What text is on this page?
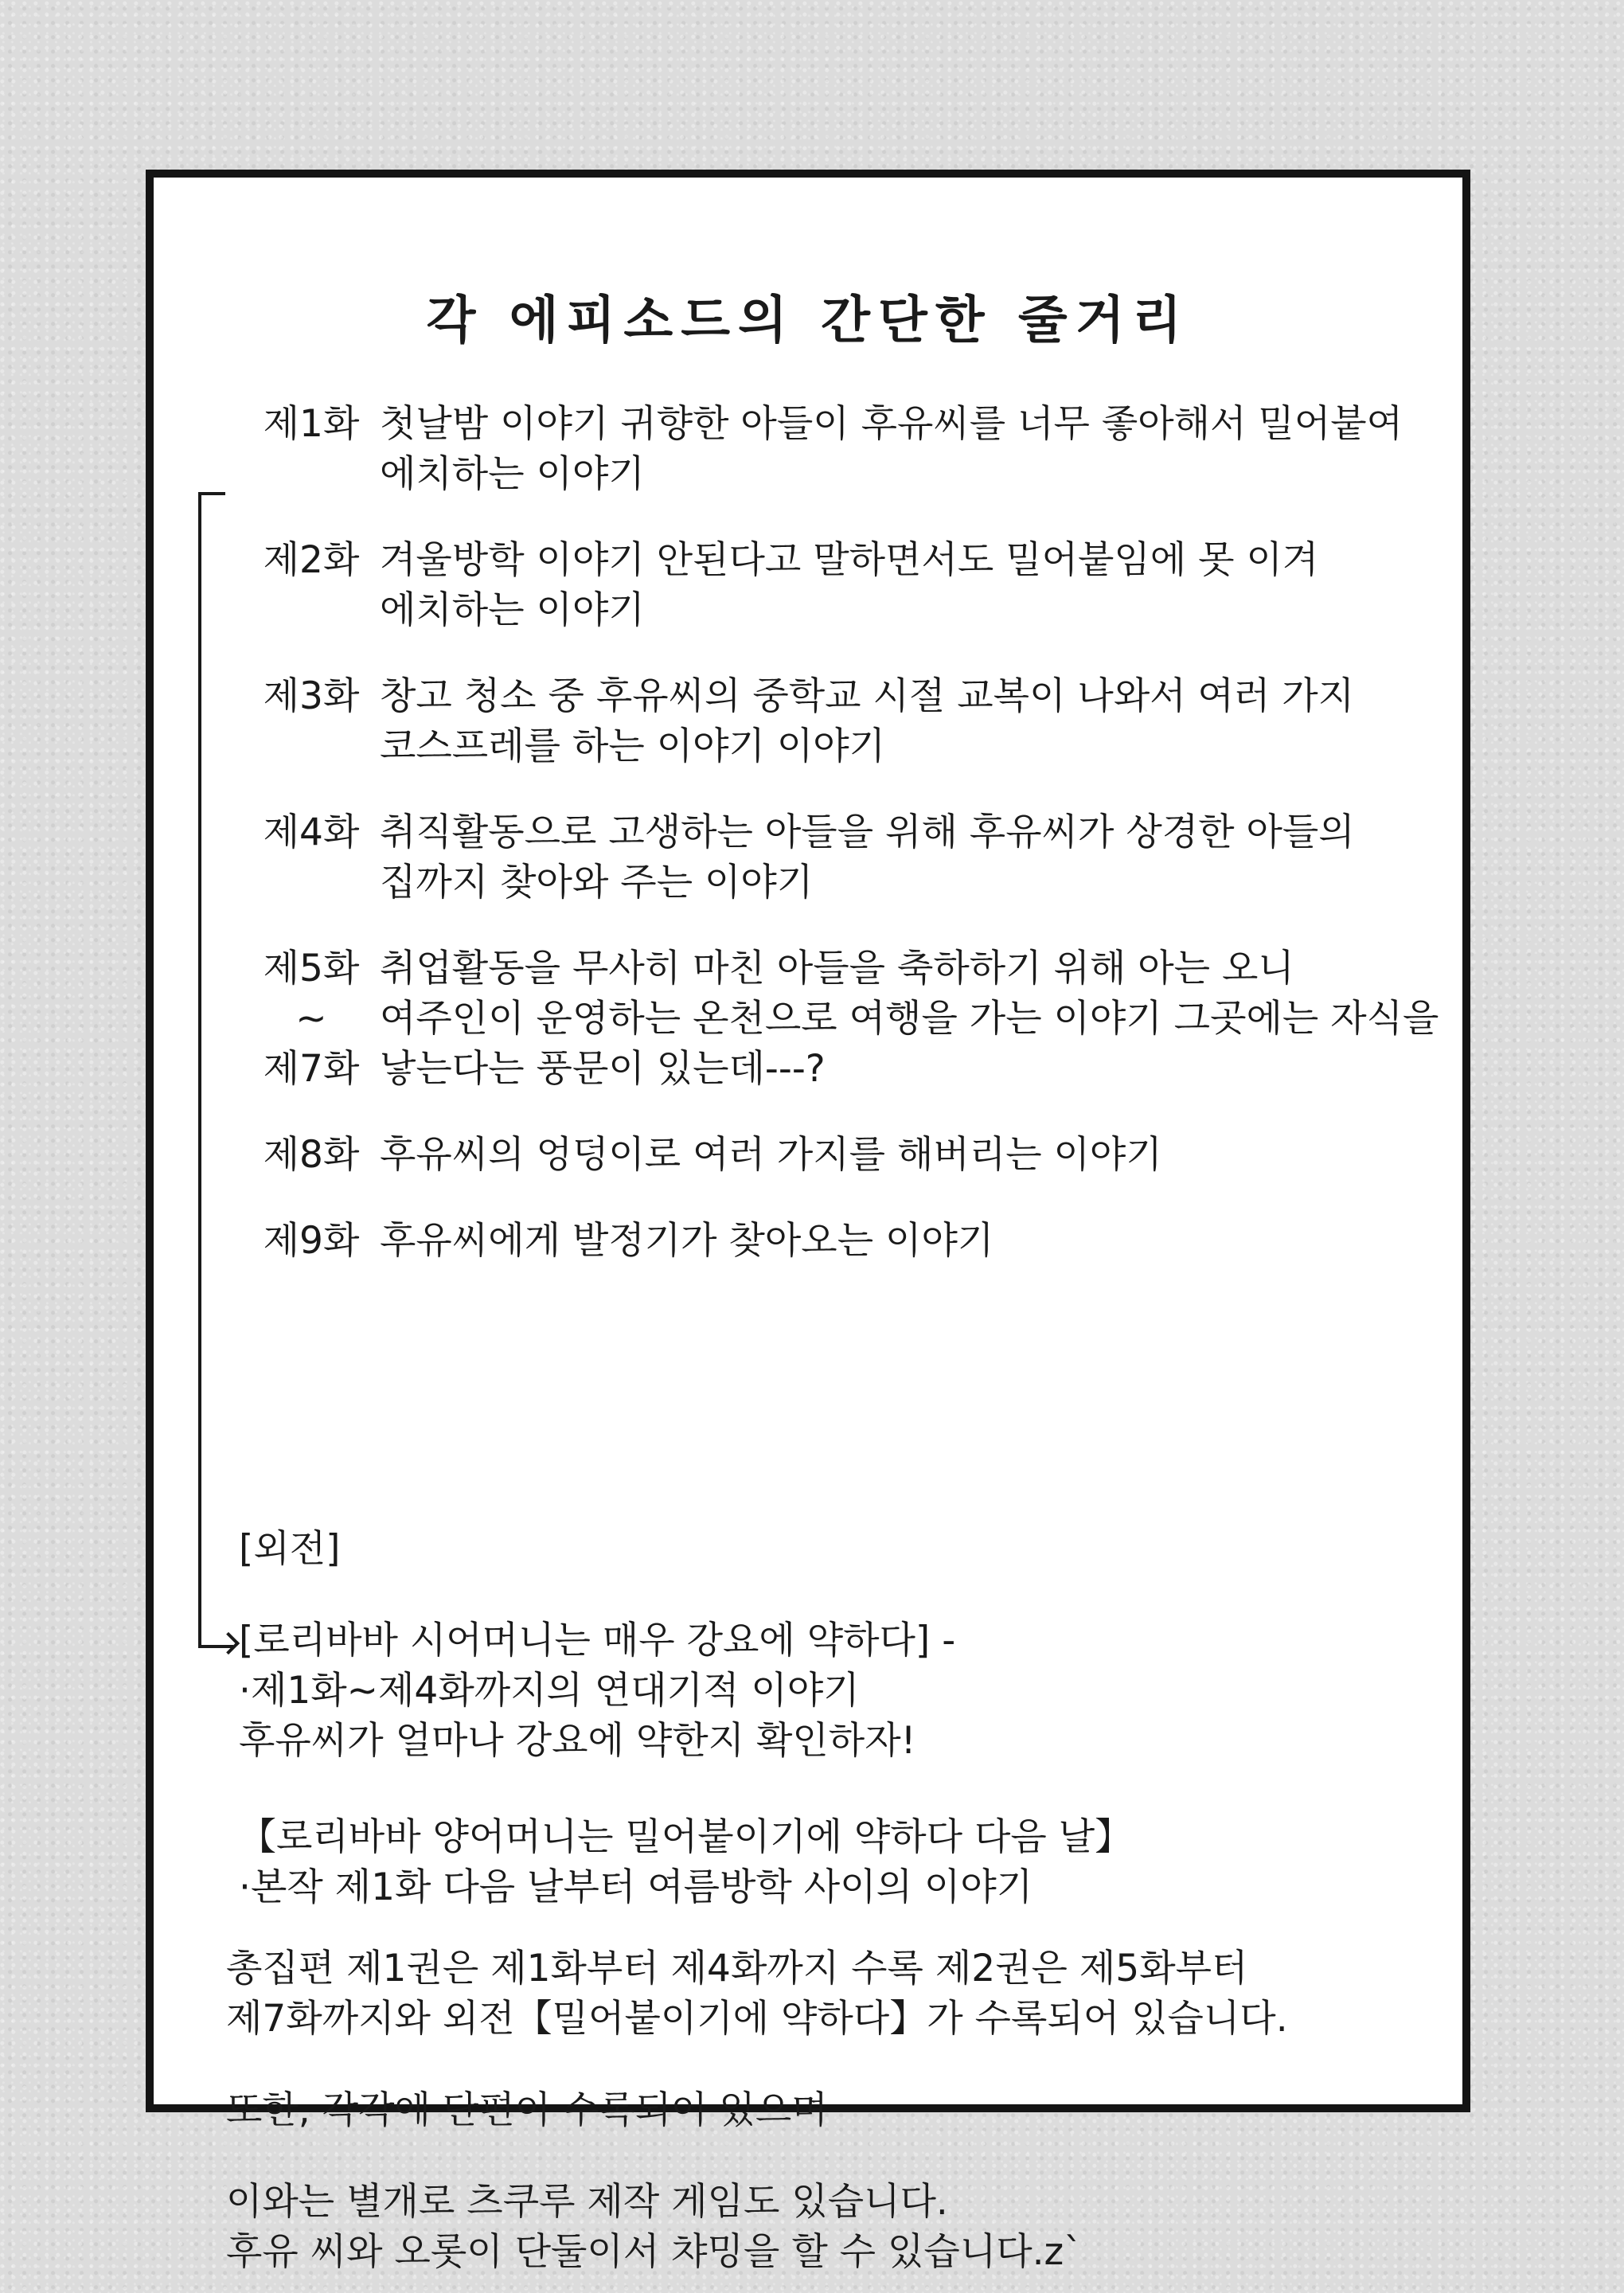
각 에피소드의 간단한 줄거리
제1화 첫날밤 이야기 귀향한 아들이 후유씨를 너무 좋아해서 밀어붙여
에치하는 이야기
제2화 겨울방학 이야기 안된다고 말하면서도 밀어붙임에 못 이겨
에치하는 이야기
제3화 창고 청소 중 후유씨의 중학교 시절 교복이 나와서 여러 가지
코스프레를 하는 이야기 이야기
제4화 취직활동으로 고생하는 아들을 위해 후유씨가 상경한 아들의
집까지 찾아와 주는 이야기
제5화
~
제7화
취업활동을 무사히 마친 아들을 축하하기 위해 아는 오니
여주인이 운영하는 온천으로 여행을 가는 이야기 그곳에는 자식을
낳는다는 풍문이 있는데---?
제8화 후유씨의 엉덩이로 여러 가지를 해버리는 이야기
제9화 후유씨에게 발정기가 찾아오는 이야기

[외전]

[로리바바 시어머니는 매우 강요에 약하다] -
·제1화~제4화까지의 연대기적 이야기
후유씨가 얼마나 강요에 약한지 확인하자!

【로리바바 양어머니는 밀어붙이기에 약하다 다음 날】
·본작 제1화 다음 날부터 여름방학 사이의 이야기

총집편 제1권은 제1화부터 제4화까지 수록 제2권은 제5화부터
제7화까지와 외전【밀어붙이기에 약하다】가 수록되어 있습니다.

또한, 각각에 단편이 수록되어 있으며

이와는 별개로 츠쿠루 제작 게임도 있습니다.
후유 씨와 오롯이 단둘이서 챠밍을 할 수 있습니다.z`
